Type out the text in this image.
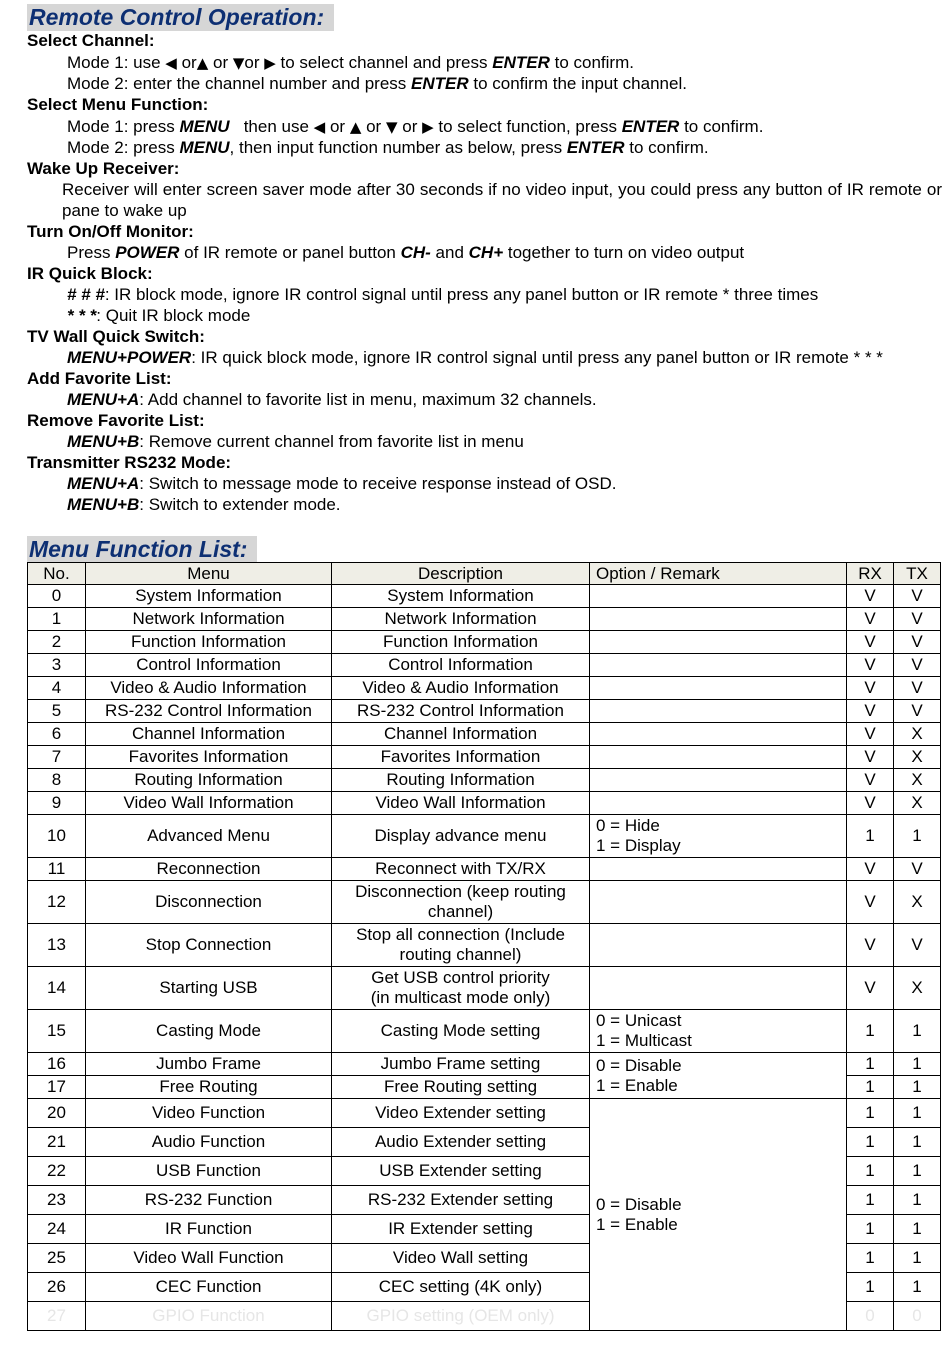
Remote Control Operation:
Select Channel:
Mode 1: use ◀ or▲ or ▼or ▶ to select channel and press ENTER to confirm.
Mode 2: enter the channel number and press ENTER to confirm the input channel.
Select Menu Function:
Mode 1: press MENU then use ◀ or ▲ or ▼ or ▶ to select function, press ENTER to confirm.
Mode 2: press MENU, then input function number as below, press ENTER to confirm.
Wake Up Receiver:
Receiver will enter screen saver mode after 30 seconds if no video input, you could press any button of IR remote or pane to wake up
Turn On/Off Monitor:
Press POWER of IR remote or panel button CH- and CH+ together to turn on video output
IR Quick Block:
# # #: IR block mode, ignore IR control signal until press any panel button or IR remote * three times
* * *: Quit IR block mode
TV Wall Quick Switch:
MENU+POWER: IR quick block mode, ignore IR control signal until press any panel button or IR remote * * *
Add Favorite List:
MENU+A: Add channel to favorite list in menu, maximum 32 channels.
Remove Favorite List:
MENU+B: Remove current channel from favorite list in menu
Transmitter RS232 Mode:
MENU+A: Switch to message mode to receive response instead of OSD.
MENU+B: Switch to extender mode.
Menu Function List:
No.	Menu	Description	Option / Remark	RX	TX
0	System Information	System Information		V	V
1	Network Information	Network Information		V	V
2	Function Information	Function Information		V	V
3	Control Information	Control Information		V	V
4	Video & Audio Information	Video & Audio Information		V	V
5	RS-232 Control Information	RS-232 Control Information		V	V
6	Channel Information	Channel Information		V	X
7	Favorites Information	Favorites Information		V	X
8	Routing Information	Routing Information		V	X
9	Video Wall Information	Video Wall Information		V	X
10	Advanced Menu	Display advance menu	0 = Hide
1 = Display	1	1
11	Reconnection	Reconnect with TX/RX		V	V
12	Disconnection	Disconnection (keep routing
channel)		V	X
13	Stop Connection	Stop all connection (Include
routing channel)		V	V
14	Starting USB	Get USB control priority
(in multicast mode only)		V	X
15	Casting Mode	Casting Mode setting	0 = Unicast
1 = Multicast	1	1
16	Jumbo Frame	Jumbo Frame setting	0 = Disable
1 = Enable	1	1
17	Free Routing	Free Routing setting		1	1
20	Video Function	Video Extender setting	0 = Disable
1 = Enable	1	1
21	Audio Function	Audio Extender setting		1	1
22	USB Function	USB Extender setting		1	1
23	RS-232 Function	RS-232 Extender setting		1	1
24	IR Function	IR Extender setting		1	1
25	Video Wall Function	Video Wall setting		1	1
26	CEC Function	CEC setting (4K only)		1	1
27	GPIO Function	GPIO setting (OEM only)		0	0
